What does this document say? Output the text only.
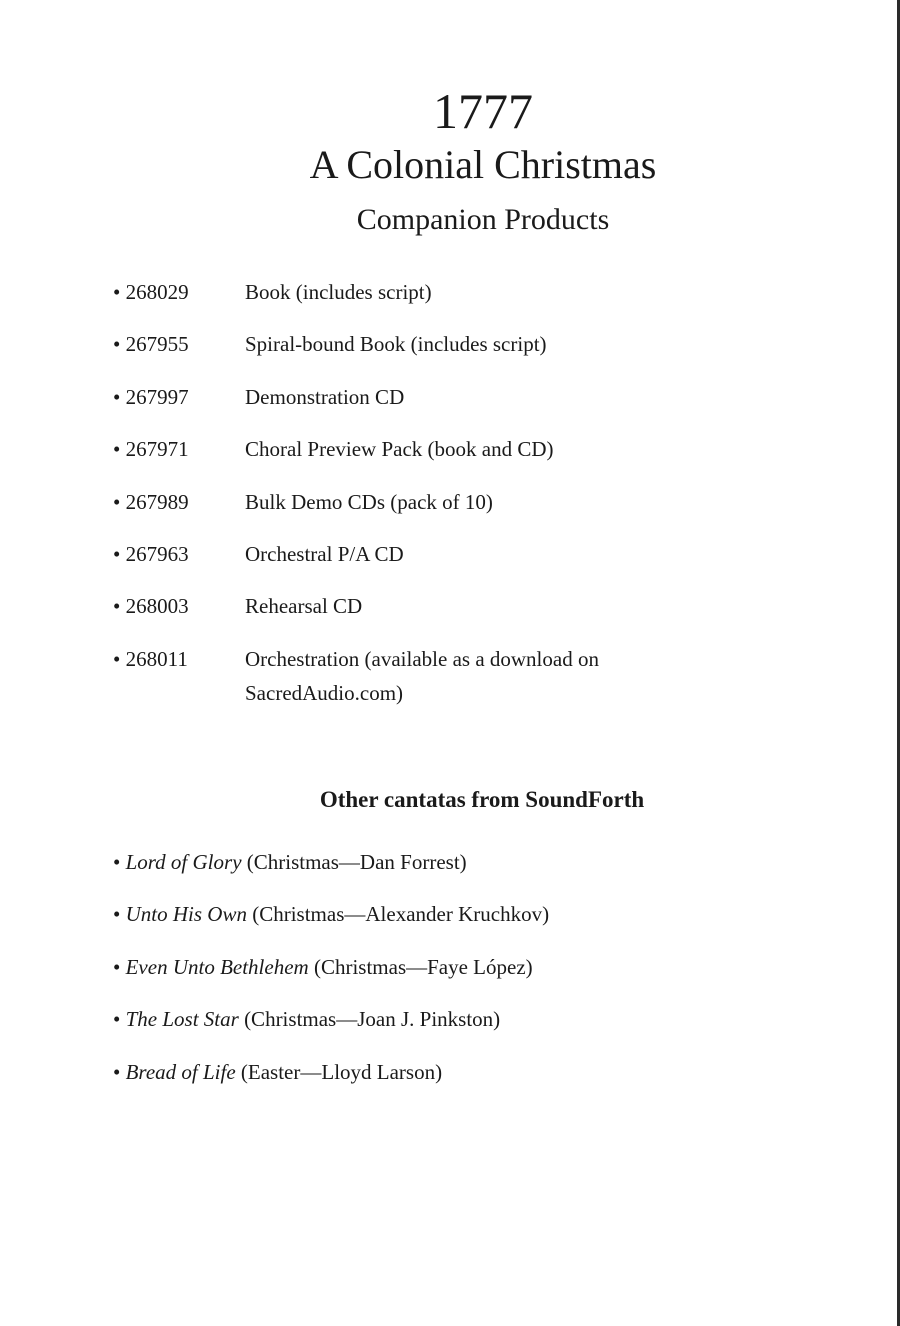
1777
A Colonial Christmas
Companion Products
• 268029	Book (includes script)
• 267955	Spiral-bound Book (includes script)
• 267997	Demonstration CD
• 267971	Choral Preview Pack (book and CD)
• 267989	Bulk Demo CDs (pack of 10)
• 267963	Orchestral P/A CD
• 268003	Rehearsal CD
• 268011	Orchestration (available as a download on SacredAudio.com)
Other cantatas from SoundForth
• Lord of Glory (Christmas—Dan Forrest)
• Unto His Own (Christmas—Alexander Kruchkov)
• Even Unto Bethlehem (Christmas—Faye López)
• The Lost Star (Christmas—Joan J. Pinkston)
• Bread of Life (Easter—Lloyd Larson)
